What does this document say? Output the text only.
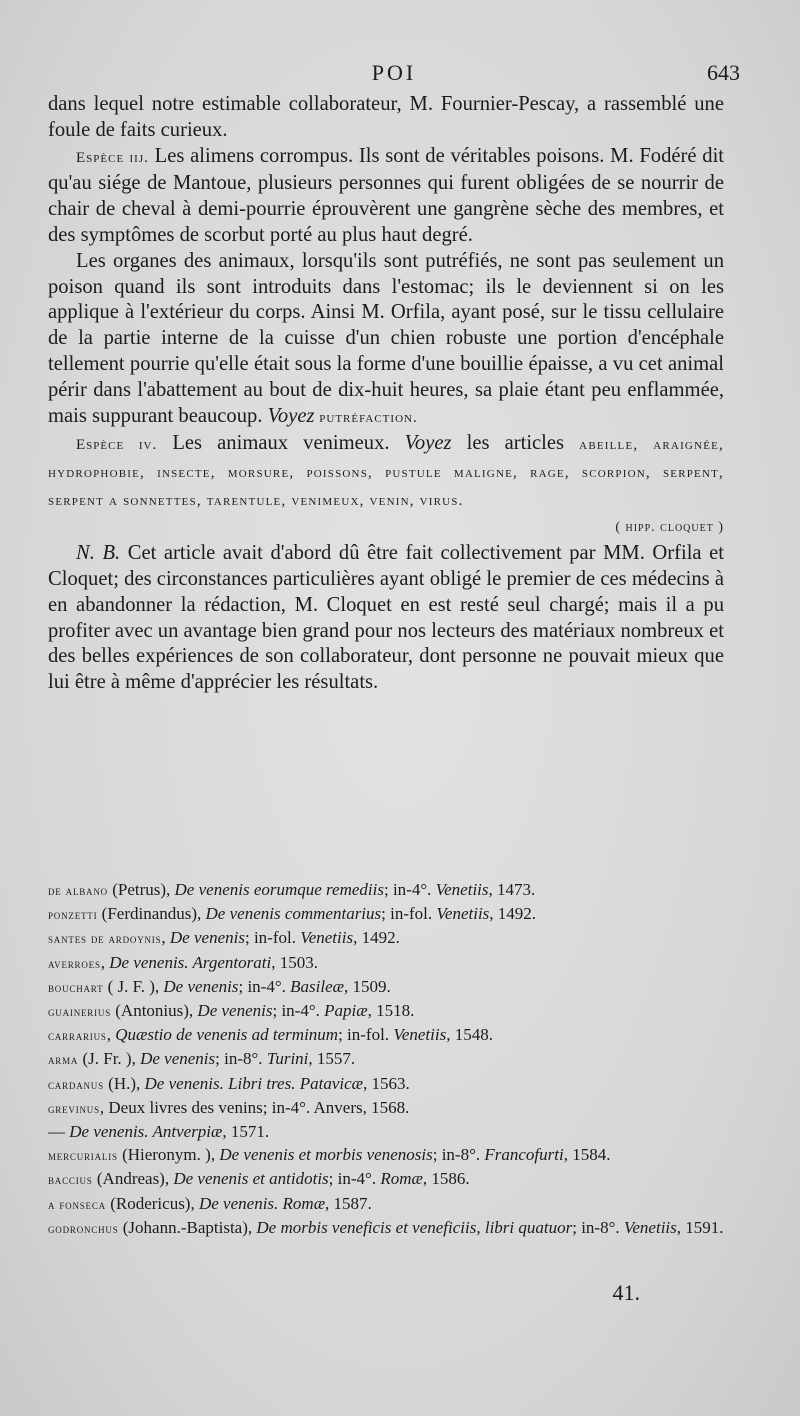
POI	643

dans lequel notre estimable collaborateur, M. Fournier-Pescay, a rassemblé une foule de faits curieux.

Espèce iij. Les alimens corrompus. Ils sont de véritables poisons. M. Fodéré dit qu'au siége de Mantoue, plusieurs personnes qui furent obligées de se nourrir de chair de cheval à demi-pourrie éprouvèrent une gangrène sèche des membres, et des symptômes de scorbut porté au plus haut degré.

Les organes des animaux, lorsqu'ils sont putréfiés, ne sont pas seulement un poison quand ils sont introduits dans l'estomac; ils le deviennent si on les applique à l'extérieur du corps. Ainsi M. Orfila, ayant posé, sur le tissu cellulaire de la partie interne de la cuisse d'un chien robuste une portion d'encéphale tellement pourrie qu'elle était sous la forme d'une bouillie épaisse, a vu cet animal périr dans l'abattement au bout de dix-huit heures, sa plaie étant peu enflammée, mais suppurant beaucoup. Voyez putréfaction.

Espèce iv. Les animaux venimeux. Voyez les articles abeille, araignée, hydrophobie, insecte, morsure, poissons, pustule maligne, rage, scorpion, serpent, serpent a sonnettes, tarentule, venimeux, venin, virus.

( hipp. cloquet )

N. B. Cet article avait d'abord dû être fait collectivement par MM. Orfila et Cloquet; des circonstances particulières ayant obligé le premier de ces médecins à en abandonner la rédaction, M. Cloquet en est resté seul chargé; mais il a pu profiter avec un avantage bien grand pour nos lecteurs des matériaux nombreux et des belles expériences de son collaborateur, dont personne ne pouvait mieux que lui être à même d'apprécier les résultats.

de albano (Petrus), De venenis eorumque remediis; in-4°. Venetiis, 1473.
ponzetti (Ferdinandus), De venenis commentarius; in-fol. Venetiis, 1492.
santes de ardoynis, De venenis; in-fol. Venetiis, 1492.
averroes, De venenis. Argentorati, 1503.
bouchart ( J. F. ), De venenis; in-4°. Basileæ, 1509.
guainerius (Antonius), De venenis; in-4°. Papiæ, 1518.
carrarius, Quæstio de venenis ad terminum; in-fol. Venetiis, 1548.
arma (J. Fr. ), De venenis; in-8°. Turini, 1557.
cardanus (H.), De venenis. Libri tres. Patavicæ, 1563.
grevinus, Deux livres des venins; in-4°. Anvers, 1568.
— De venenis. Antverpiæ, 1571.
mercurialis (Hieronym. ), De venenis et morbis venenosis; in-8°. Francofurti, 1584.
baccius (Andreas), De venenis et antidotis; in-4°. Romæ, 1586.
a fonseca (Rodericus), De venenis. Romæ, 1587.
godronchus (Johann.-Baptista), De morbis veneficis et veneficiis, libri quatuor; in-8°. Venetiis, 1591.
41.
